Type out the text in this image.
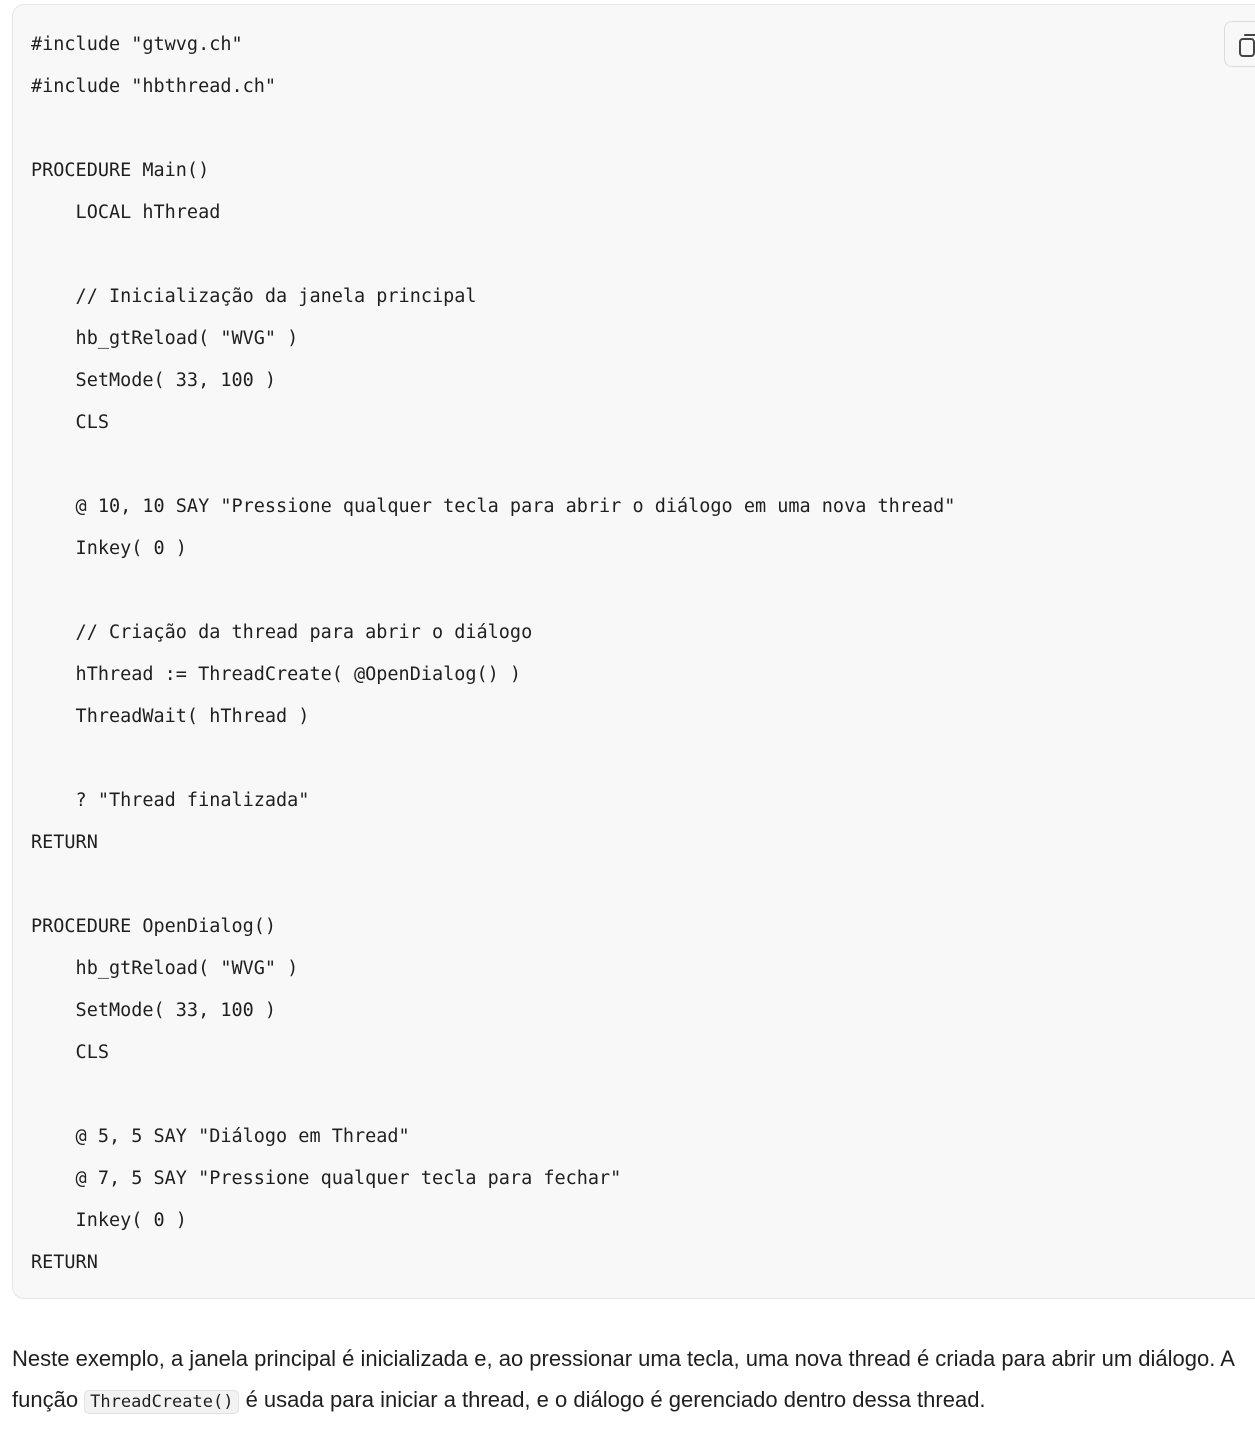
#include "gtwvg.ch"
#include "hbthread.ch"
PROCEDURE Main()
LOCAL hThread
// Inicialização da janela principal
hb_gtReload( "WVG" )
SetMode( 33, 100 )
CLS
@ 10, 10 SAY "Pressione qualquer tecla para abrir o diálogo em uma nova thread"
Inkey( 0 )
// Criação da thread para abrir o diálogo
hThread := ThreadCreate( @OpenDialog() )
ThreadWait( hThread )
? "Thread finalizada"
RETURN
PROCEDURE OpenDialog()
hb_gtReload( "WVG" )
SetMode( 33, 100 )
CLS
@ 5, 5 SAY "Diálogo em Thread"
@ 7, 5 SAY "Pressione qualquer tecla para fechar"
Inkey( 0 )
RETURN

Neste exemplo, a janela principal é inicializada e, ao pressionar uma tecla, uma nova thread é criada para abrir um diálogo. A função ThreadCreate() é usada para iniciar a thread, e o diálogo é gerenciado dentro dessa thread.
